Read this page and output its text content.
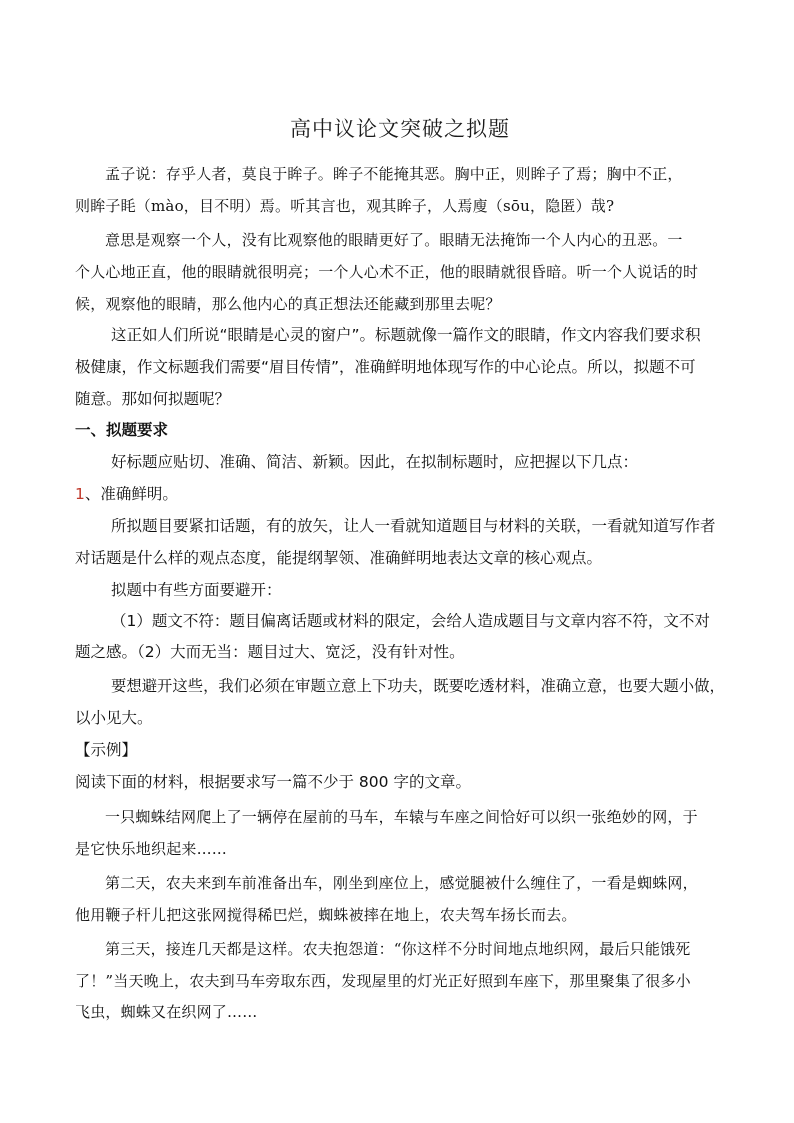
高中议论文突破之拟题
孟子说：存乎人者，莫良于眸子。眸子不能掩其恶。胸中正，则眸子了焉；胸中不正，
则眸子眊（mào，目不明）焉。听其言也，观其眸子，人焉廋（sōu，隐匿）哉?
意思是观察一个人，没有比观察他的眼睛更好了。眼睛无法掩饰一个人内心的丑恶。一
个人心地正直，他的眼睛就很明亮；一个人心术不正，他的眼睛就很昏暗。听一个人说话的时
候，观察他的眼睛，那么他内心的真正想法还能藏到那里去呢？
这正如人们所说“眼睛是心灵的窗户”。标题就像一篇作文的眼睛，作文内容我们要求积
极健康，作文标题我们需要“眉目传情”，准确鲜明地体现写作的中心论点。所以，拟题不可
随意。那如何拟题呢？
一、拟题要求
好标题应贴切、准确、简洁、新颖。因此，在拟制标题时，应把握以下几点：
1、准确鲜明。
所拟题目要紧扣话题，有的放矢，让人一看就知道题目与材料的关联，一看就知道写作者
对话题是什么样的观点态度，能提纲挈领、准确鲜明地表达文章的核心观点。
拟题中有些方面要避开：
（1）题文不符：题目偏离话题或材料的限定，会给人造成题目与文章内容不符，文不对
题之感。（2）大而无当：题目过大、宽泛，没有针对性。
要想避开这些，我们必须在审题立意上下功夫，既要吃透材料，准确立意，也要大题小做，
以小见大。
【示例】
阅读下面的材料，根据要求写一篇不少于 800 字的文章。
一只蜘蛛结网爬上了一辆停在屋前的马车，车辕与车座之间恰好可以织一张绝妙的网，于
是它快乐地织起来……
第二天，农夫来到车前准备出车，刚坐到座位上，感觉腿被什么缠住了，一看是蜘蛛网，
他用鞭子杆儿把这张网搅得稀巴烂，蜘蛛被摔在地上，农夫驾车扬长而去。
第三天，接连几天都是这样。农夫抱怨道：“你这样不分时间地点地织网，最后只能饿死
了！”当天晚上，农夫到马车旁取东西，发现屋里的灯光正好照到车座下，那里聚集了很多小
飞虫，蜘蛛又在织网了……
